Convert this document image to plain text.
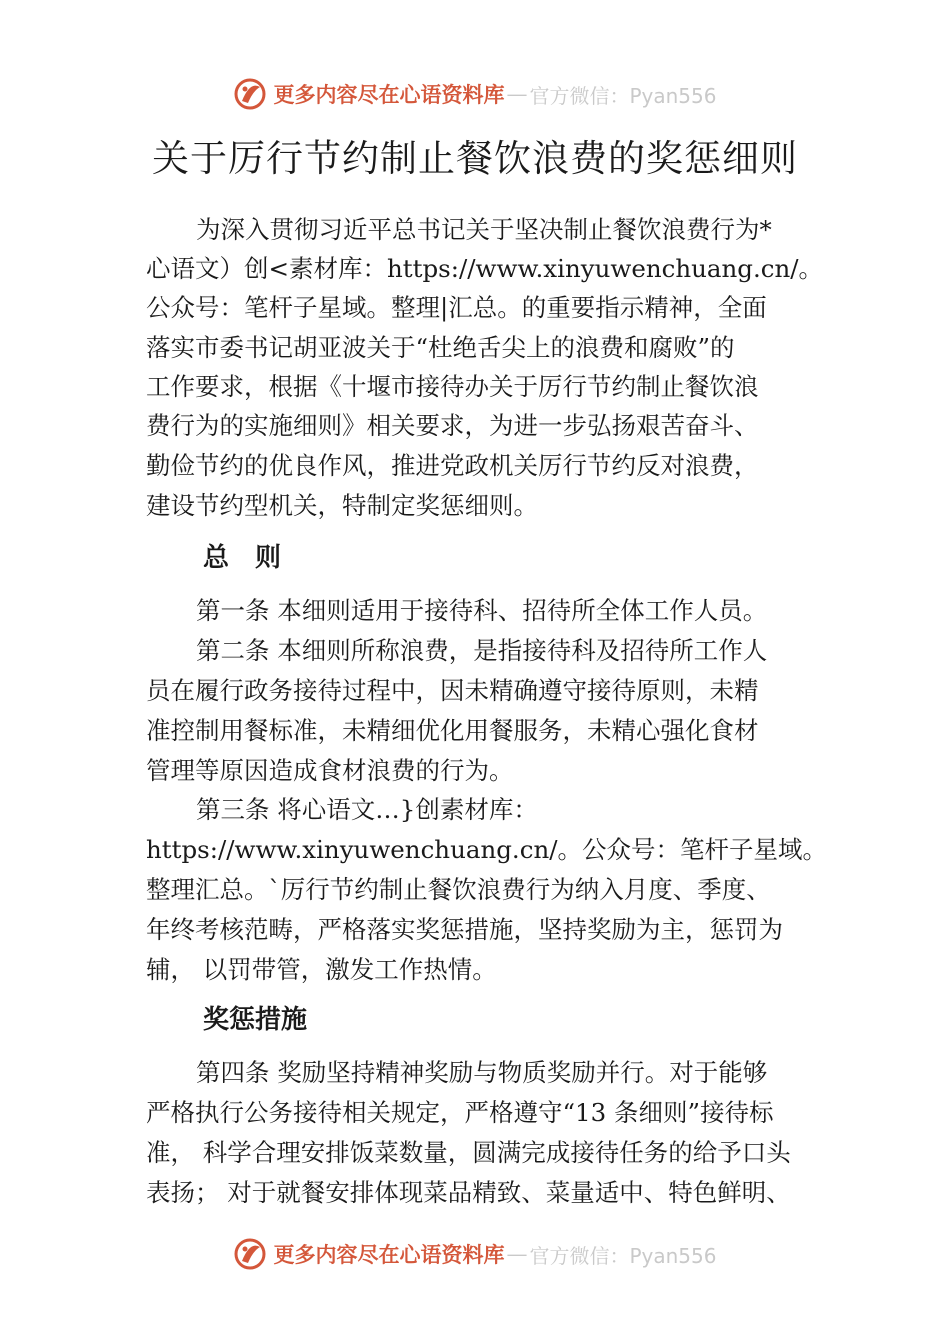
更多内容尽在心语资料库 — 官方微信：Pyan556
关于厉行节约制止餐饮浪费的奖惩细则
为深入贯彻习近平总书记关于坚决制止餐饮浪费行为*
心语文）创<素材库：https://www.xinyuwenchuang.cn/。
公众号：笔杆子星域。整理|汇总。的重要指示精神，全面
落实市委书记胡亚波关于“杜绝舌尖上的浪费和腐败”的
工作要求，根据《十堰市接待办关于厉行节约制止餐饮浪
费行为的实施细则》相关要求，为进一步弘扬艰苦奋斗、
勤俭节约的优良作风，推进党政机关厉行节约反对浪费，
建设节约型机关，特制定奖惩细则。
总　则
第一条 本细则适用于接待科、招待所全体工作人员。
第二条 本细则所称浪费，是指接待科及招待所工作人
员在履行政务接待过程中，因未精确遵守接待原则，未精
准控制用餐标准，未精细优化用餐服务，未精心强化食材
管理等原因造成食材浪费的行为。
第三条 将心语文…}创素材库：
https://www.xinyuwenchuang.cn/。公众号：笔杆子星域。
整理汇总。`厉行节约制止餐饮浪费行为纳入月度、季度、
年终考核范畴，严格落实奖惩措施，坚持奖励为主，惩罚为
辅， 以罚带管，激发工作热情。
奖惩措施
第四条 奖励坚持精神奖励与物质奖励并行。对于能够
严格执行公务接待相关规定，严格遵守“13 条细则”接待标
准， 科学合理安排饭菜数量，圆满完成接待任务的给予口头
表扬； 对于就餐安排体现菜品精致、菜量适中、特色鲜明、
更多内容尽在心语资料库 — 官方微信：Pyan556
